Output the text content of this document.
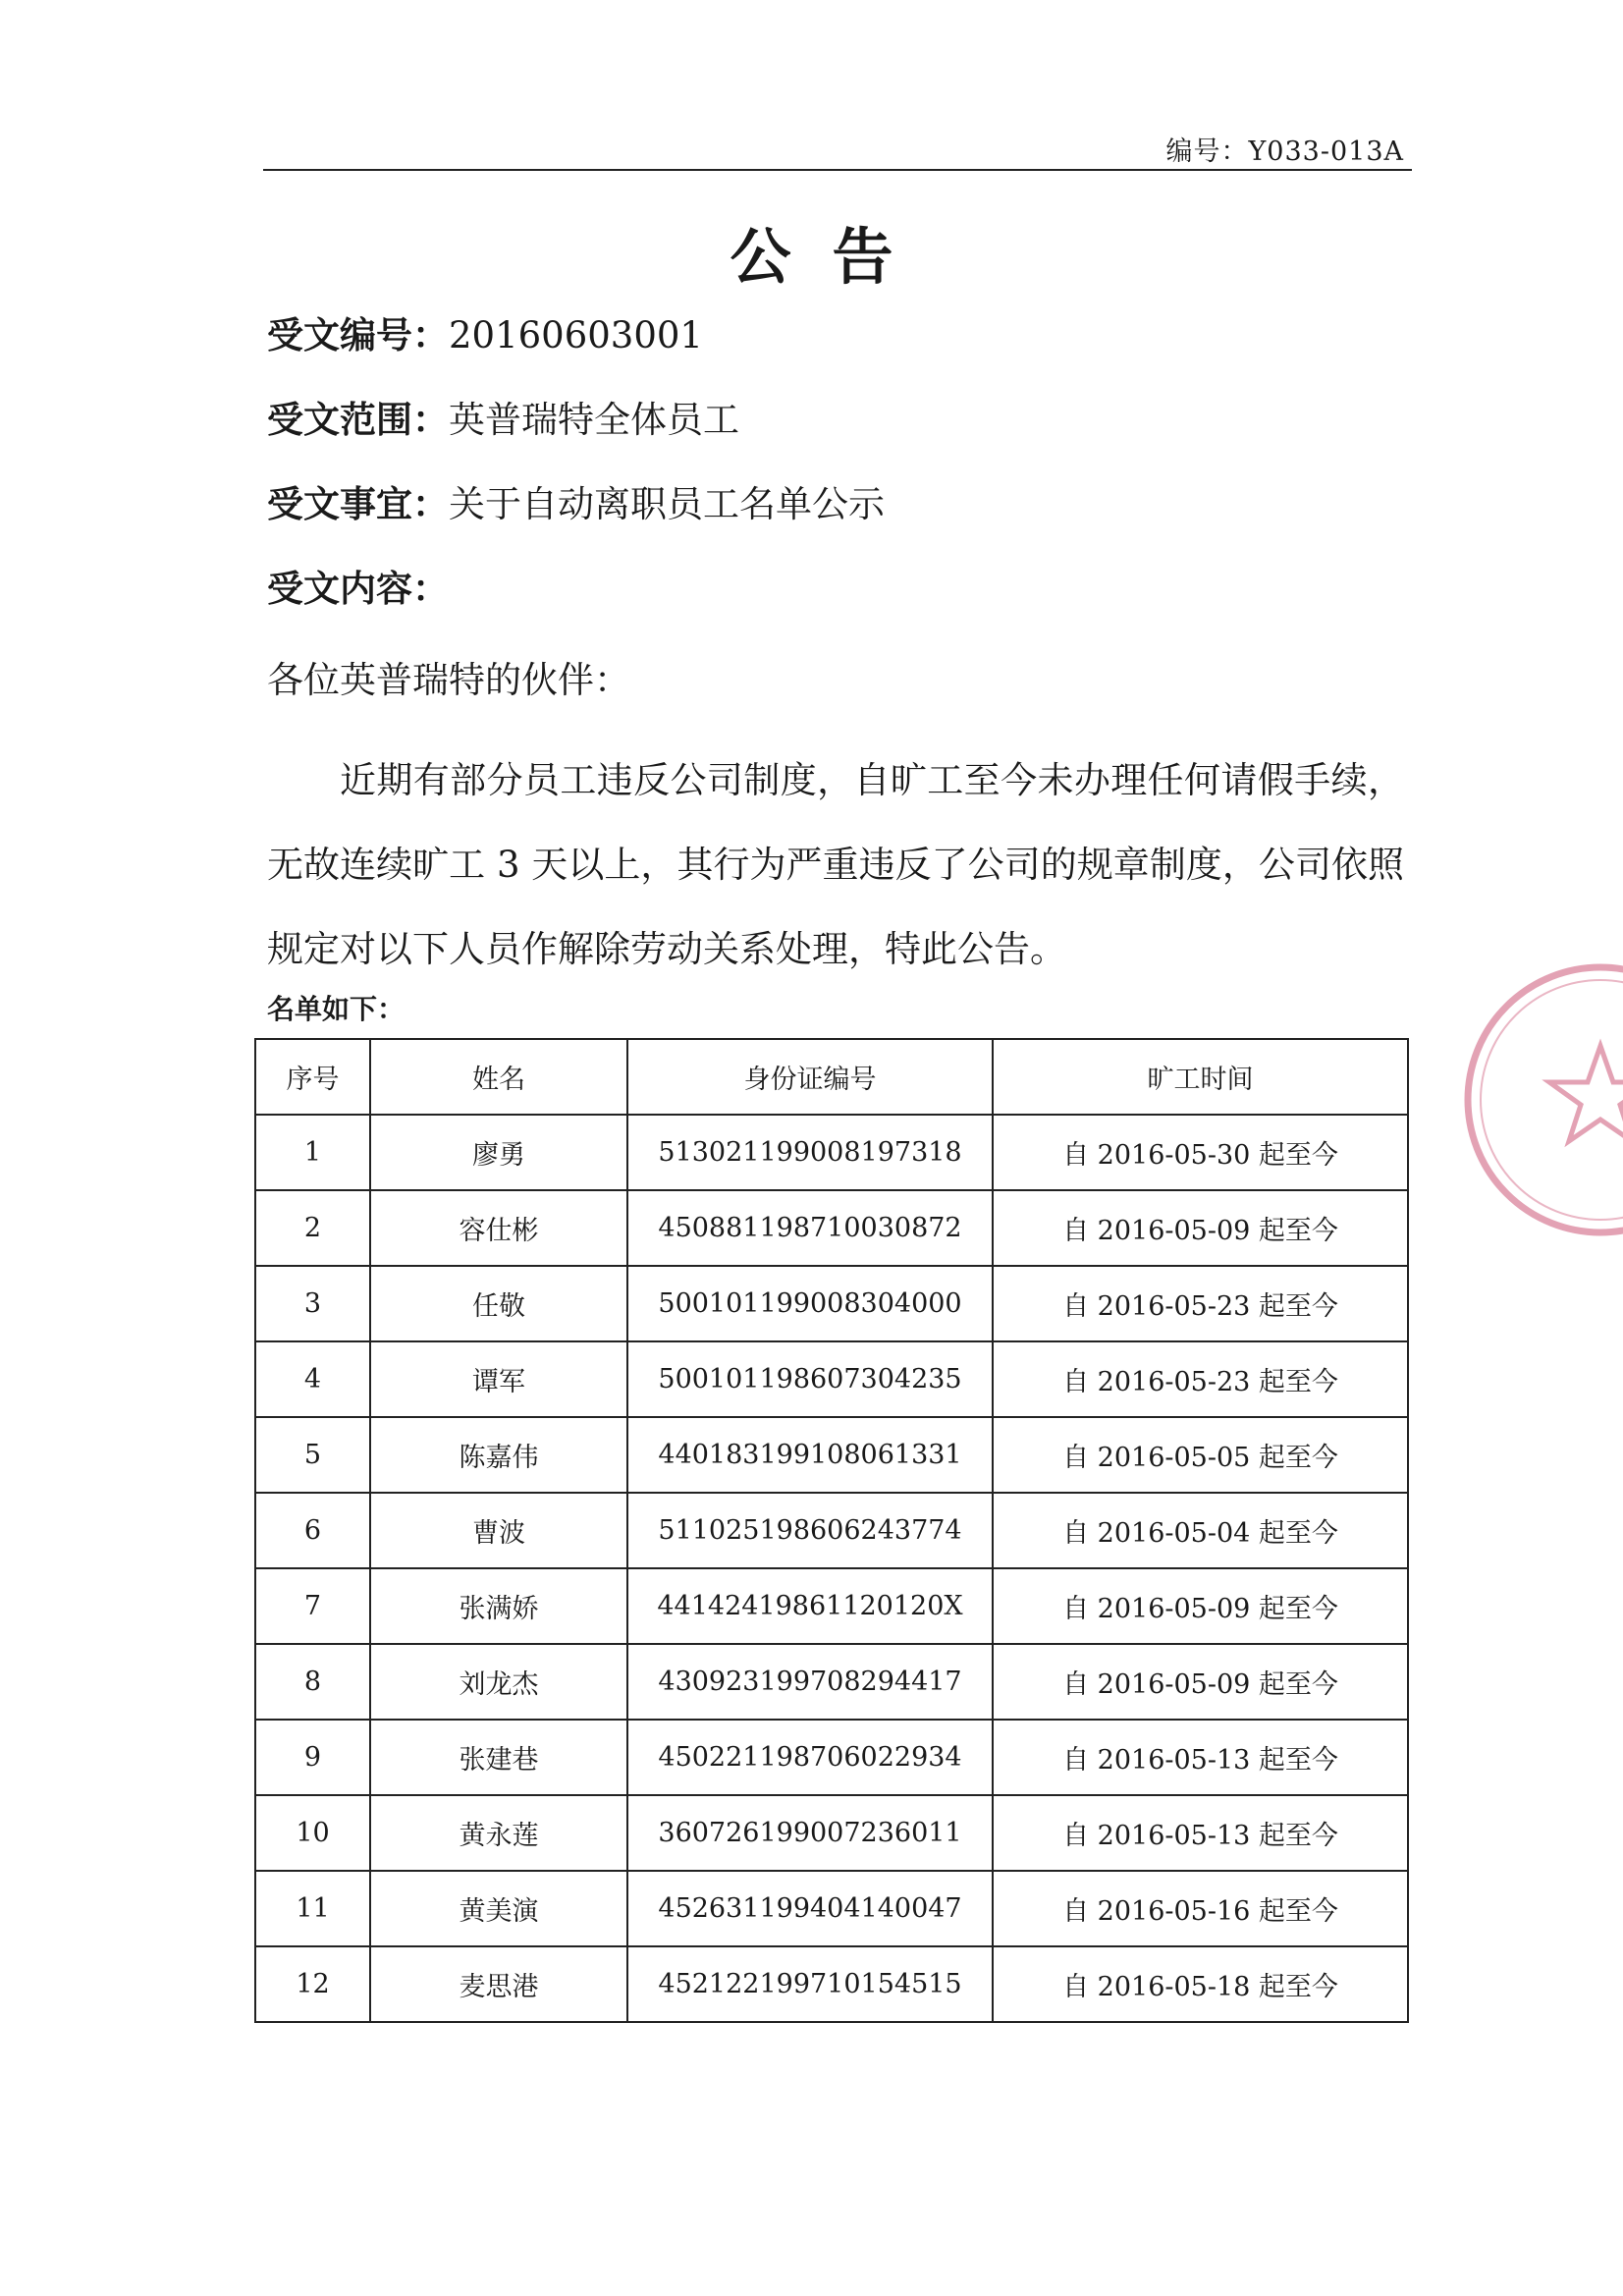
编号：Y033-013A
公告
受文编号：20160603001
受文范围：英普瑞特全体员工
受文事宜：关于自动离职员工名单公示
受文内容：
各位英普瑞特的伙伴：
近期有部分员工违反公司制度，自旷工至今未办理任何请假手续，无故连续旷工 3 天以上，其行为严重违反了公司的规章制度，公司依照规定对以下人员作解除劳动关系处理，特此公告。
名单如下：
序号	姓名	身份证编号	旷工时间
1	廖勇	513021199008197318	自 2016-05-30 起至今
2	容仕彬	450881198710030872	自 2016-05-09 起至今
3	任敬	500101199008304000	自 2016-05-23 起至今
4	谭军	500101198607304235	自 2016-05-23 起至今
5	陈嘉伟	440183199108061331	自 2016-05-05 起至今
6	曹波	511025198606243774	自 2016-05-04 起至今
7	张满娇	44142419861120120X	自 2016-05-09 起至今
8	刘龙杰	430923199708294417	自 2016-05-09 起至今
9	张建巷	450221198706022934	自 2016-05-13 起至今
10	黄永莲	360726199007236011	自 2016-05-13 起至今
11	黄美演	452631199404140047	自 2016-05-16 起至今
12	麦思港	452122199710154515	自 2016-05-18 起至今
